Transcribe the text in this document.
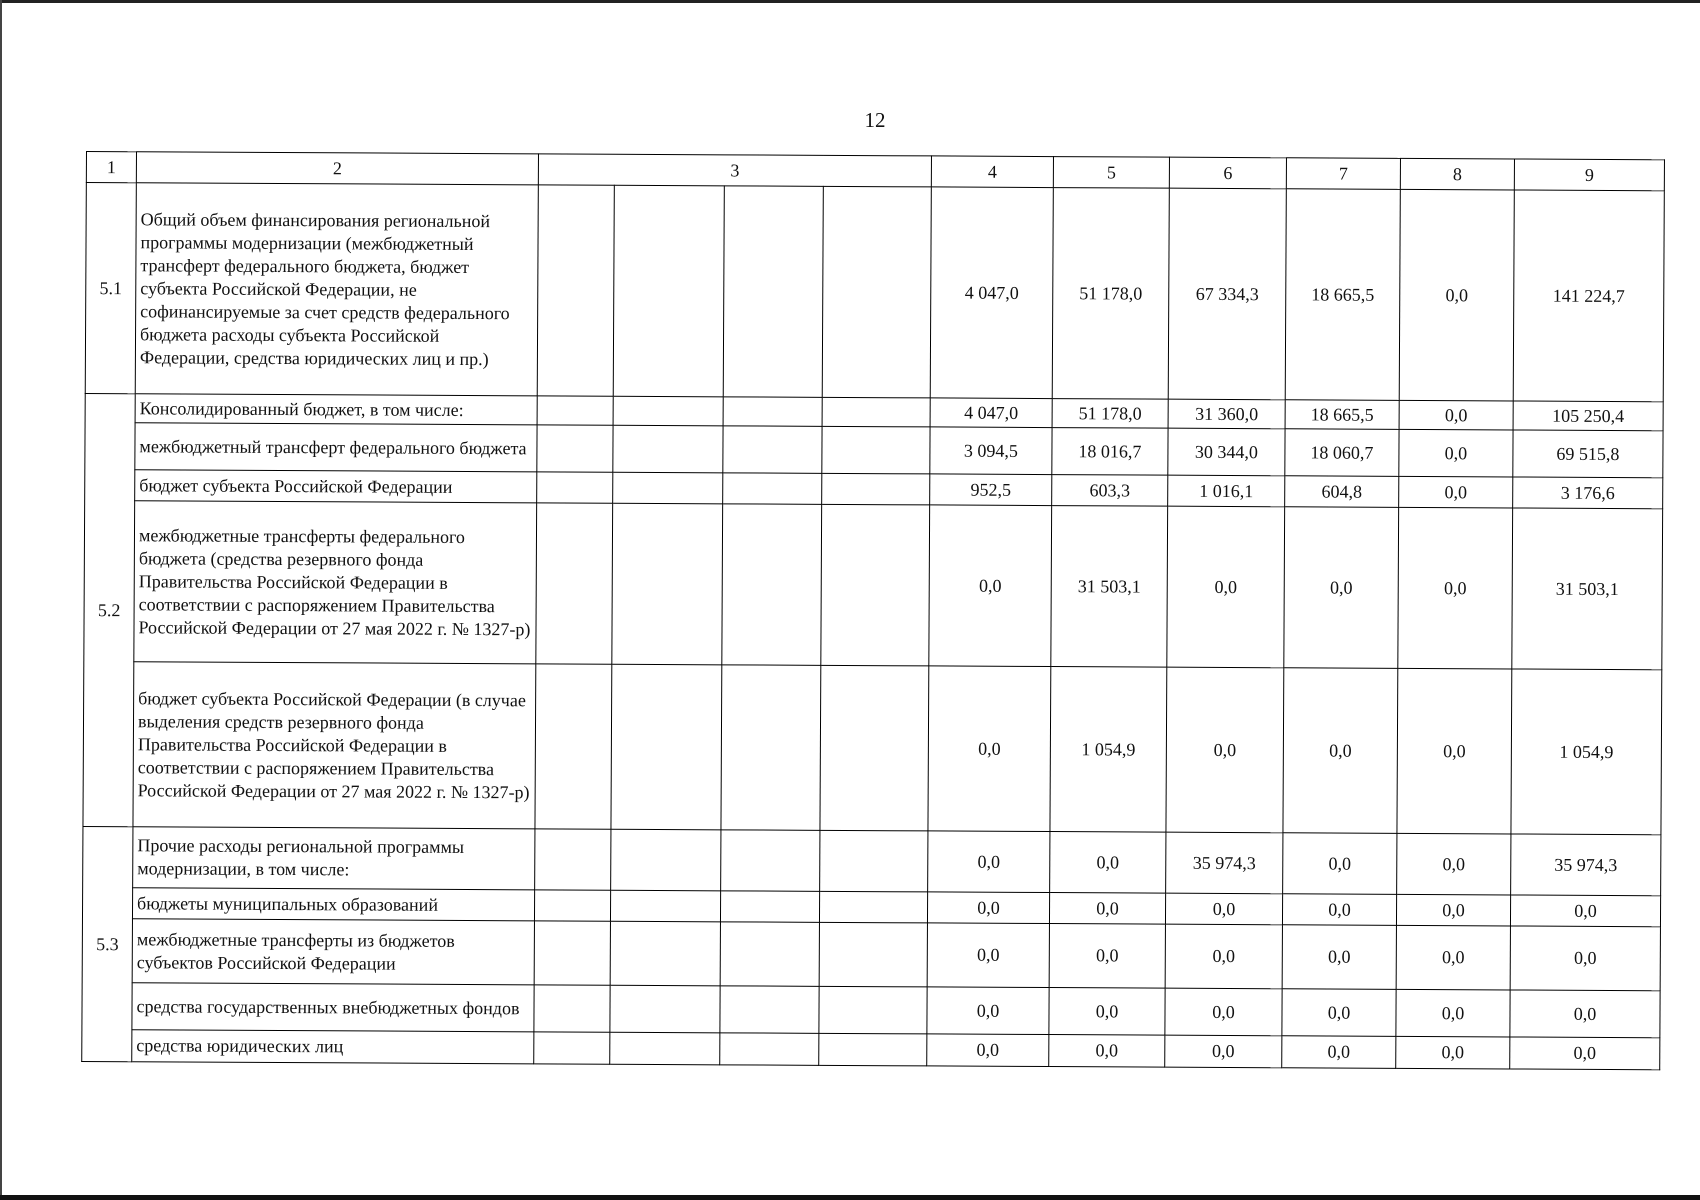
12
1	2	3				4	5	6	7	8	9
5.1	Общий объем финансирования региональной программы модернизации (межбюджетный трансферт федерального бюджета, бюджет субъекта Российской Федерации, не софинансируемые за счет средств федерального бюджета расходы субъекта Российской Федерации, средства юридических лиц и пр.)					4 047,0	51 178,0	67 334,3	18 665,5	0,0	141 224,7
5.2	Консолидированный бюджет, в том числе:					4 047,0	51 178,0	31 360,0	18 665,5	0,0	105 250,4
	межбюджетный трансферт федерального бюджета					3 094,5	18 016,7	30 344,0	18 060,7	0,0	69 515,8
	бюджет субъекта Российской Федерации					952,5	603,3	1 016,1	604,8	0,0	3 176,6
	межбюджетные трансферты федерального бюджета (средства резервного фонда Правительства Российской Федерации в соответствии с распоряжением Правительства Российской Федерации от 27 мая 2022 г. № 1327-р)					0,0	31 503,1	0,0	0,0	0,0	31 503,1
	бюджет субъекта Российской Федерации (в случае выделения средств резервного фонда Правительства Российской Федерации в соответствии с распоряжением Правительства Российской Федерации от 27 мая 2022 г. № 1327-р)					0,0	1 054,9	0,0	0,0	0,0	1 054,9
5.3	Прочие расходы региональной программы модернизации, в том числе:					0,0	0,0	35 974,3	0,0	0,0	35 974,3
	бюджеты муниципальных образований					0,0	0,0	0,0	0,0	0,0	0,0
	межбюджетные трансферты из бюджетов субъектов Российской Федерации					0,0	0,0	0,0	0,0	0,0	0,0
	средства государственных внебюджетных фондов					0,0	0,0	0,0	0,0	0,0	0,0
	средства юридических лиц					0,0	0,0	0,0	0,0	0,0	0,0
